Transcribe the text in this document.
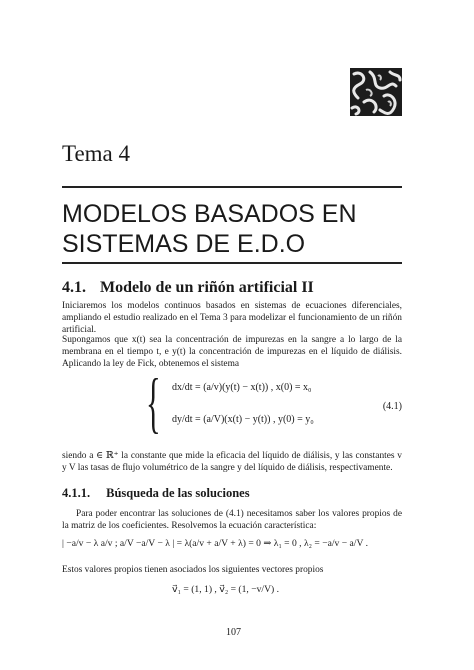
Tema 4
MODELOS BASADOS EN
SISTEMAS DE E.D.O
4.1. Modelo de un riñón artificial II
Iniciaremos los modelos continuos basados en sistemas de ecuaciones diferenciales, ampliando el estudio realizado en el Tema 3 para modelizar el funcionamiento de un riñón artificial.
Supongamos que x(t) sea la concentración de impurezas en la sangre a lo largo de la membrana en el tiempo t, e y(t) la concentración de impurezas en el líquido de diálisis. Aplicando la ley de Fick, obtenemos el sistema
{ dx/dt = (a/v)(y(t) − x(t)) , x(0) = x₀
dy/dt = (a/V)(x(t) − y(t)) , y(0) = y₀
(4.1)
siendo a ∈ ℝ⁺ la constante que mide la eficacia del líquido de diálisis, y las constantes v y V las tasas de flujo volumétrico de la sangre y del líquido de diálisis, respectivamente.
4.1.1. Búsqueda de las soluciones
Para poder encontrar las soluciones de (4.1) necesitamos saber los valores propios de la matriz de los coeficientes. Resolvemos la ecuación característica:
| −a/v − λ a/v ; a/V −a/V − λ | = λ(a/v + a/V + λ) = 0 ⇒ λ₁ = 0 , λ₂ = −a/v − a/V .
Estos valores propios tienen asociados los siguientes vectores propios
v⃗₁ = (1, 1) , v⃗₂ = (1, −v/V) .
107
